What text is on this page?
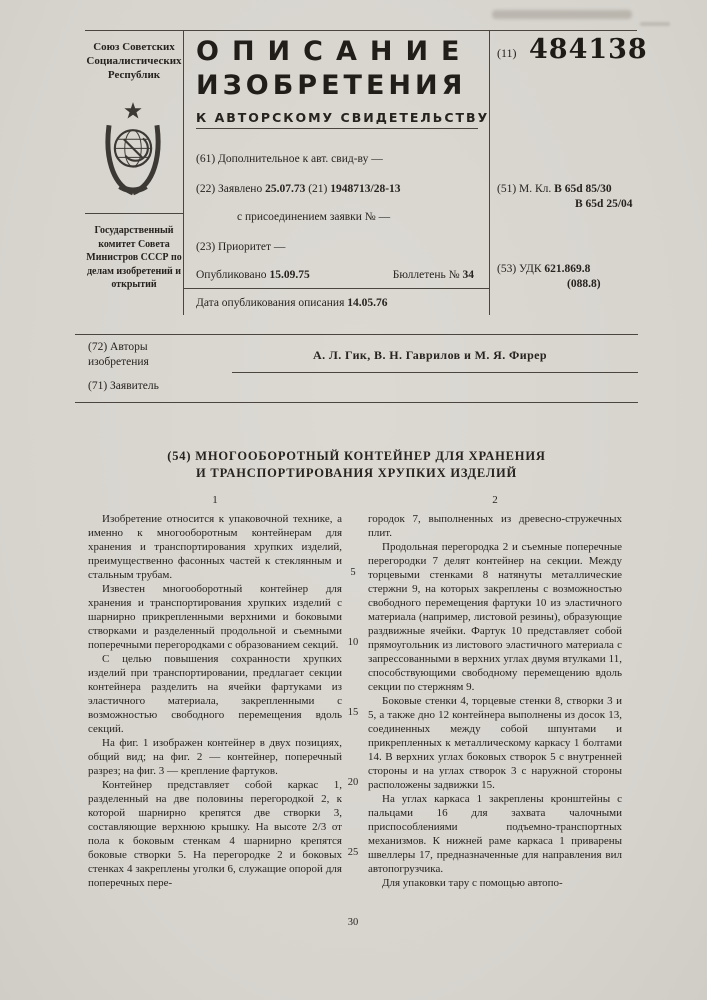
Союз Советских Социалистических Республик
Государственный комитет Совета Министров СССР по делам изобретений и открытий
ОПИСАНИЕ
ИЗОБРЕТЕНИЯ
К АВТОРСКОМУ СВИДЕТЕЛЬСТВУ
(61) Дополнительное к авт. свид-ву —
(22) Заявлено 25.07.73 (21) 1948713/28-13
с присоединением заявки № —
(23) Приоритет —
Опубликовано 15.09.75	Бюллетень № 34
Дата опубликования описания 14.05.76
(11) 484138
(51) М. Кл. В 65d 85/30
В 65d 25/04
(53) УДК 621.869.8
(088.8)
(72) Авторы изобретения	А. Л. Гик, В. Н. Гаврилов и М. Я. Фирер
(71) Заявитель
(54) МНОГООБОРОТНЫЙ КОНТЕЙНЕР ДЛЯ ХРАНЕНИЯ
И ТРАНСПОРТИРОВАНИЯ ХРУПКИХ ИЗДЕЛИЙ
1	2

Изобретение относится к упаковочной технике, а именно к многооборотным контейнерам для хранения и транспортирования хрупких изделий, преимущественно фасонных частей к стеклянным и стальным трубам.

Известен многооборотный контейнер для хранения и транспортирования хрупких изделий с шарнирно прикрепленными верхними и боковыми створками и разделенный продольной и съемными поперечными перегородками с образованием секций.

С целью повышения сохранности хрупких изделий при транспортировании, предлагает секции контейнера разделить на ячейки фартуками из эластичного материала, закрепленными с возможностью свободного перемещения вдоль секций.

На фиг. 1 изображен контейнер в двух позициях, общий вид; на фиг. 2 — контейнер, поперечный разрез; на фиг. 3 — крепление фартуков.

Контейнер представляет собой каркас 1, разделенный на две половины перегородкой 2, к которой шарнирно крепятся две створки 3, составляющие верхнюю крышку. На высоте 2/3 от пола к боковым стенкам 4 шарнирно крепятся боковые створки 5. На перегородке 2 и боковых стенках 4 закреплены уголки 6, служащие опорой для поперечных пере-

городок 7, выполненных из древесно-стружечных плит.

Продольная перегородка 2 и съемные поперечные перегородки 7 делят контейнер на секции. Между торцевыми стенками 8 натянуты металлические стержни 9, на которых закреплены с возможностью свободного перемещения фартуки 10 из эластичного материала (например, листовой резины), образующие раздвижные ячейки. Фартук 10 представляет собой прямоугольник из листового эластичного материала с запрессованными в верхних углах двумя втулками 11, способствующими свободному перемещению вдоль секции по стержням 9.

Боковые стенки 4, торцевые стенки 8, створки 3 и 5, а также дно 12 контейнера выполнены из досок 13, соединенных между собой шпунтами и прикрепленных к металлическому каркасу 1 болтами 14. В верхних углах боковых створок 5 с внутренней стороны и на углах створок 3 с наружной стороны расположены задвижки 15.

На углах каркаса 1 закреплены кронштейны с пальцами 16 для захвата чалочными приспособлениями подъемно-транспортных механизмов. К нижней раме каркаса 1 приварены швеллеры 17, предназначенные для направления вил автопогрузчика.

Для упаковки тару с помощью автопо-

5
10
15
20
25
30
